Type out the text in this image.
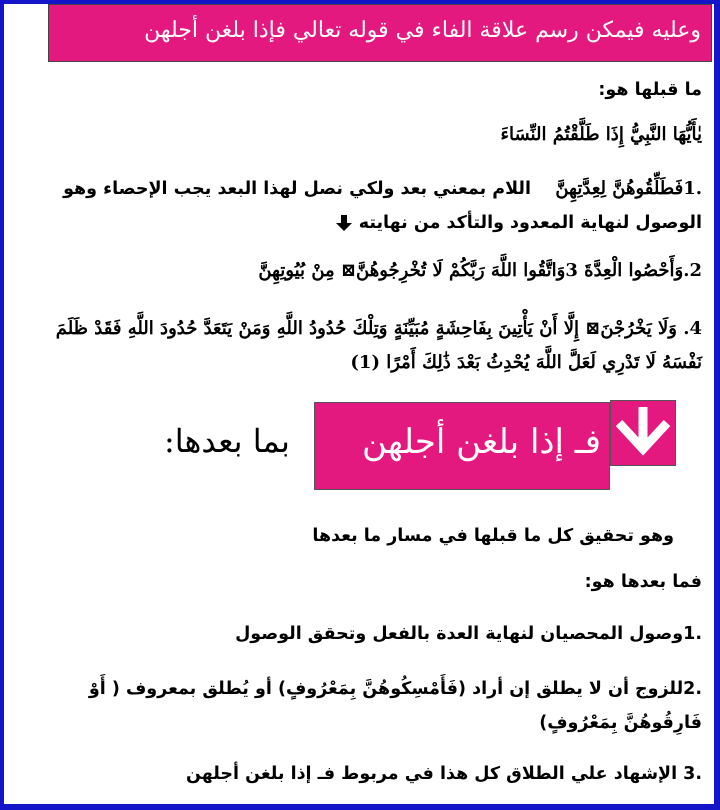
وعليه فيمكن رسم علاقة الفاء في قوله تعالي فإذا بلغن أجلهن
ما قبلها هو:
يٰأَيُّهَا النَّبِيُّ إِذَا طَلَّقْتُمُ النِّسَاءَ
.1فَطَلِّقُوهُنَّ لِعِدَّتِهِنَّ    اللام بمعني بعد ولكي نصل لهذا البعد يجب الإحصاء وهو الوصول لنهاية المعدود والتأكد من نهايته
2.وَأَحْصُوا الْعِدَّةَ 3وَاتَّقُوا اللَّهَ رَبَّكُمْ لَا تُخْرِجُوهُنَّ⊠ مِنْ بُيُوتِهِنَّ
4. وَلَا يَخْرُجْنَ⊠ إِلَّا أَنْ يَأْتِينَ بِفَاحِشَةٍ مُبَيِّنَةٍ وَتِلْكَ حُدُودُ اللَّهِ وَمَنْ يَتَعَدَّ حُدُودَ اللَّهِ فَقَدْ ظَلَمَ نَفْسَهُ لَا تَدْرِي لَعَلَّ اللَّهَ يُحْدِثُ بَعْدَ ذَٰلِكَ أَمْرًا (1)
بما بعدها:	فـ إذا بلغن أجلهن
وهو تحقيق كل ما قبلها في مسار ما بعدها
فما بعدها هو:
.1وصول المحصيان لنهاية العدة بالفعل وتحقق الوصول
.2للزوج أن لا يطلق إن أراد (فَأَمْسِكُوهُنَّ بِمَعْرُوفٍ) أو يُطلق بمعروف ( أَوْ فَارِقُوهُنَّ بِمَعْرُوفٍ)
.3 الإشهاد علي الطلاق كل هذا في مربوط فـ إذا بلغن أجلهن
